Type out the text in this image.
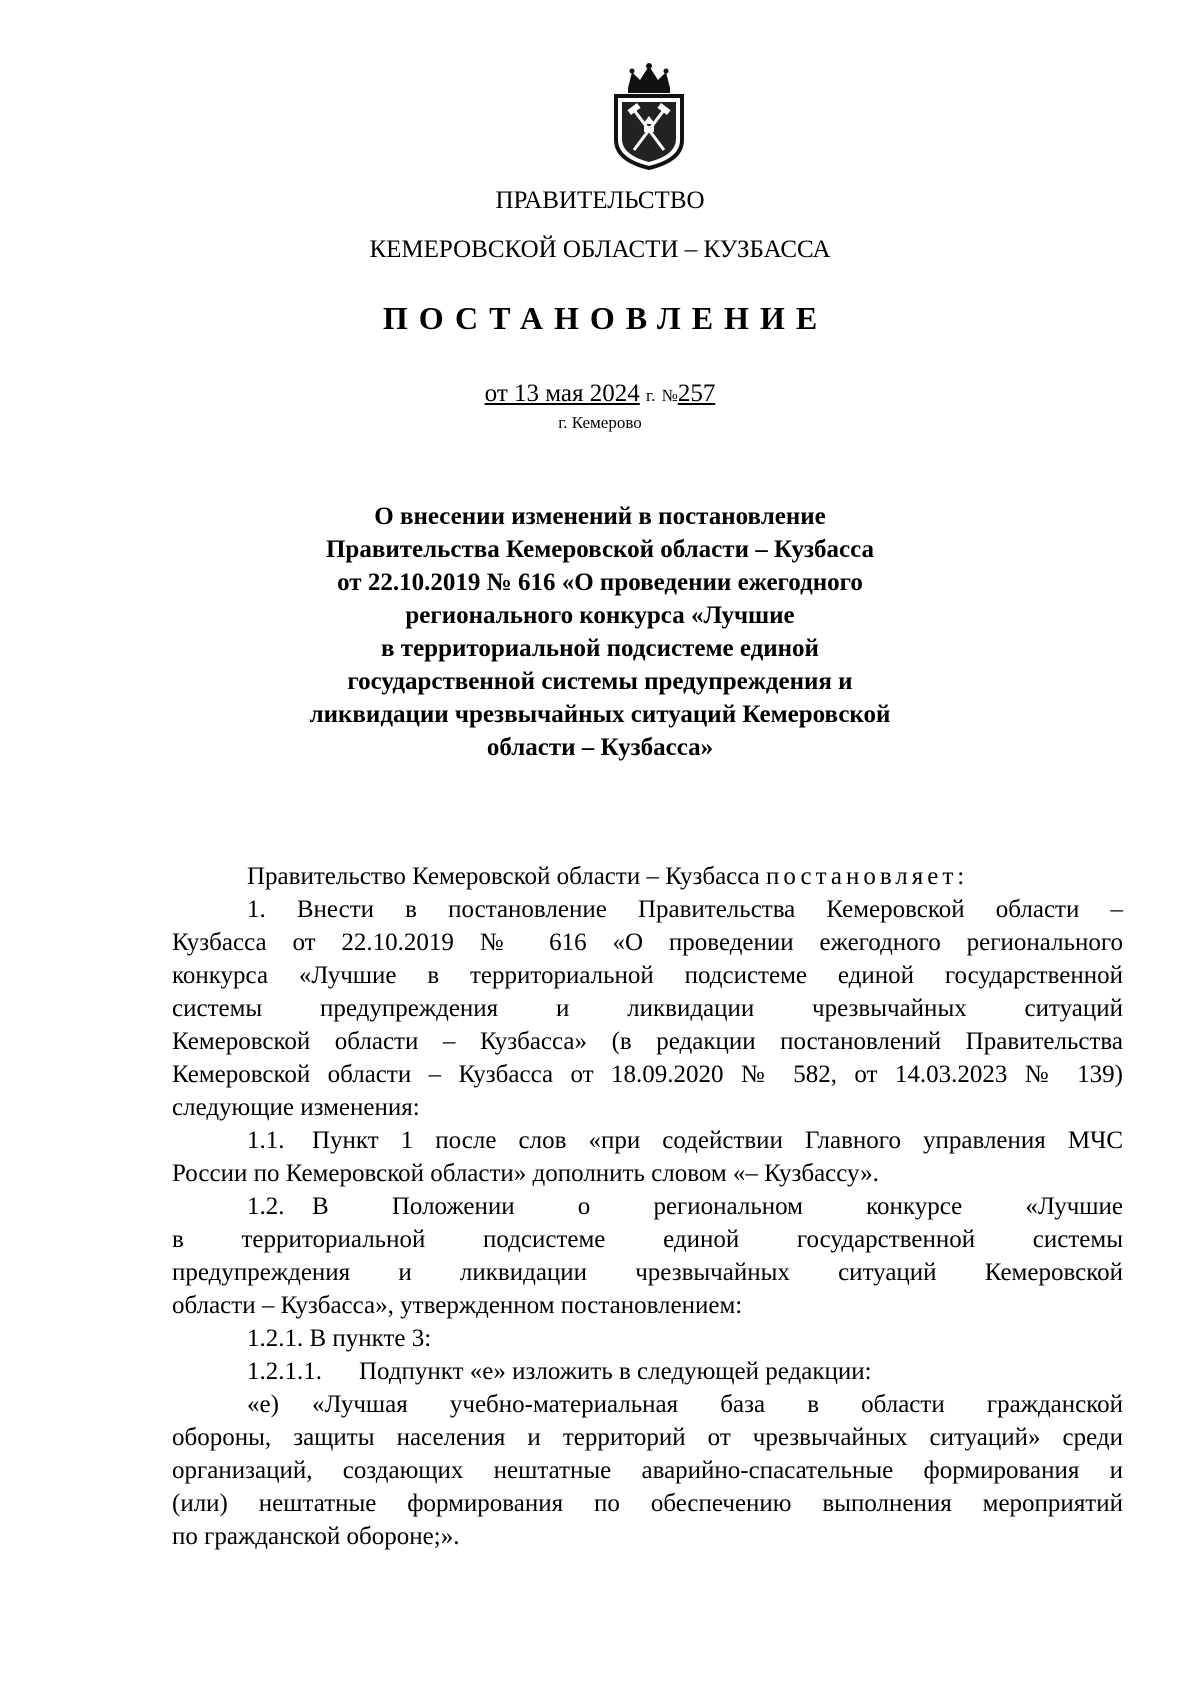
ПРАВИТЕЛЬСТВО
КЕМЕРОВСКОЙ ОБЛАСТИ – КУЗБАССА
ПОСТАНОВЛЕНИЕ
от 13 мая 2024 г. №257
г. Кемерово
О внесении изменений в постановление
Правительства Кемеровской области – Кузбасса
от 22.10.2019 № 616 «О проведении ежегодного
регионального конкурса «Лучшие
в территориальной подсистеме единой
государственной системы предупреждения и
ликвидации чрезвычайных ситуаций Кемеровской
области – Кузбасса»

Правительство Кемеровской области – Кузбасса постановляет:

1. Внести в постановление Правительства Кемеровской области –

Кузбасса от 22.10.2019 № 616 «О проведении ежегодного регионального

конкурса «Лучшие в территориальной подсистеме единой государственной

системы предупреждения и ликвидации чрезвычайных ситуаций

Кемеровской области – Кузбасса» (в редакции постановлений Правительства

Кемеровской области – Кузбасса от 18.09.2020 № 582, от 14.03.2023 № 139)

следующие изменения:

1.1. Пункт 1 после слов «при содействии Главного управления МЧС

России по Кемеровской области» дополнить словом «– Кузбассу».

1.2. В Положении о региональном конкурсе «Лучшие

в территориальной подсистеме единой государственной системы

предупреждения и ликвидации чрезвычайных ситуаций Кемеровской

области – Кузбасса», утвержденном постановлением:

1.2.1. В пункте 3:

1.2.1.1. Подпункт «е» изложить в следующей редакции:

«е) «Лучшая учебно-материальная база в области гражданской

обороны, защиты населения и территорий от чрезвычайных ситуаций» среди

организаций, создающих нештатные аварийно-спасательные формирования и

(или) нештатные формирования по обеспечению выполнения мероприятий

по гражданской обороне;».
